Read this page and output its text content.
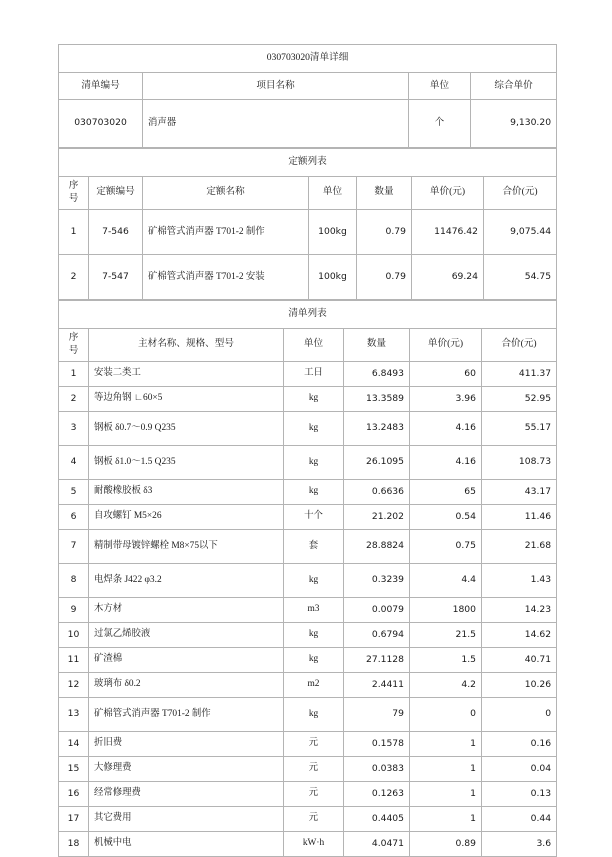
030703020清单详细			
清单编号	项目名称	单位	综合单价
030703020	消声器	个	9,130.20
定额列表						
序号	定额编号	定额名称	单位	数量	单价(元)	合价(元)
1	7-546	矿棉管式消声器 T701-2 制作	100kg	0.79	11476.42	9,075.44
2	7-547	矿棉管式消声器 T701-2 安装	100kg	0.79	69.24	54.75
清单列表					
序号	主材名称、规格、型号	单位	数量	单价(元)	合价(元)
1	安装二类工	工日	6.8493	60	411.37
2	等边角钢 ∟60×5	kg	13.3589	3.96	52.95
3	钢板 δ0.7～0.9 Q235	kg	13.2483	4.16	55.17
4	钢板 δ1.0～1.5 Q235	kg	26.1095	4.16	108.73
5	耐酸橡胶板 δ3	kg	0.6636	65	43.17
6	自攻螺钉 M5×26	十个	21.202	0.54	11.46
7	精制带母镀锌螺栓 M8×75以下	套	28.8824	0.75	21.68
8	电焊条 J422 φ3.2	kg	0.3239	4.4	1.43
9	木方材	m3	0.0079	1800	14.23
10	过氯乙烯胶液	kg	0.6794	21.5	14.62
11	矿渣棉	kg	27.1128	1.5	40.71
12	玻璃布 δ0.2	m2	2.4411	4.2	10.26
13	矿棉管式消声器 T701-2 制作	kg	79	0	0
14	折旧费	元	0.1578	1	0.16
15	大修理费	元	0.0383	1	0.04
16	经常修理费	元	0.1263	1	0.13
17	其它费用	元	0.4405	1	0.44
18	机械中电	kW·h	4.0471	0.89	3.6
